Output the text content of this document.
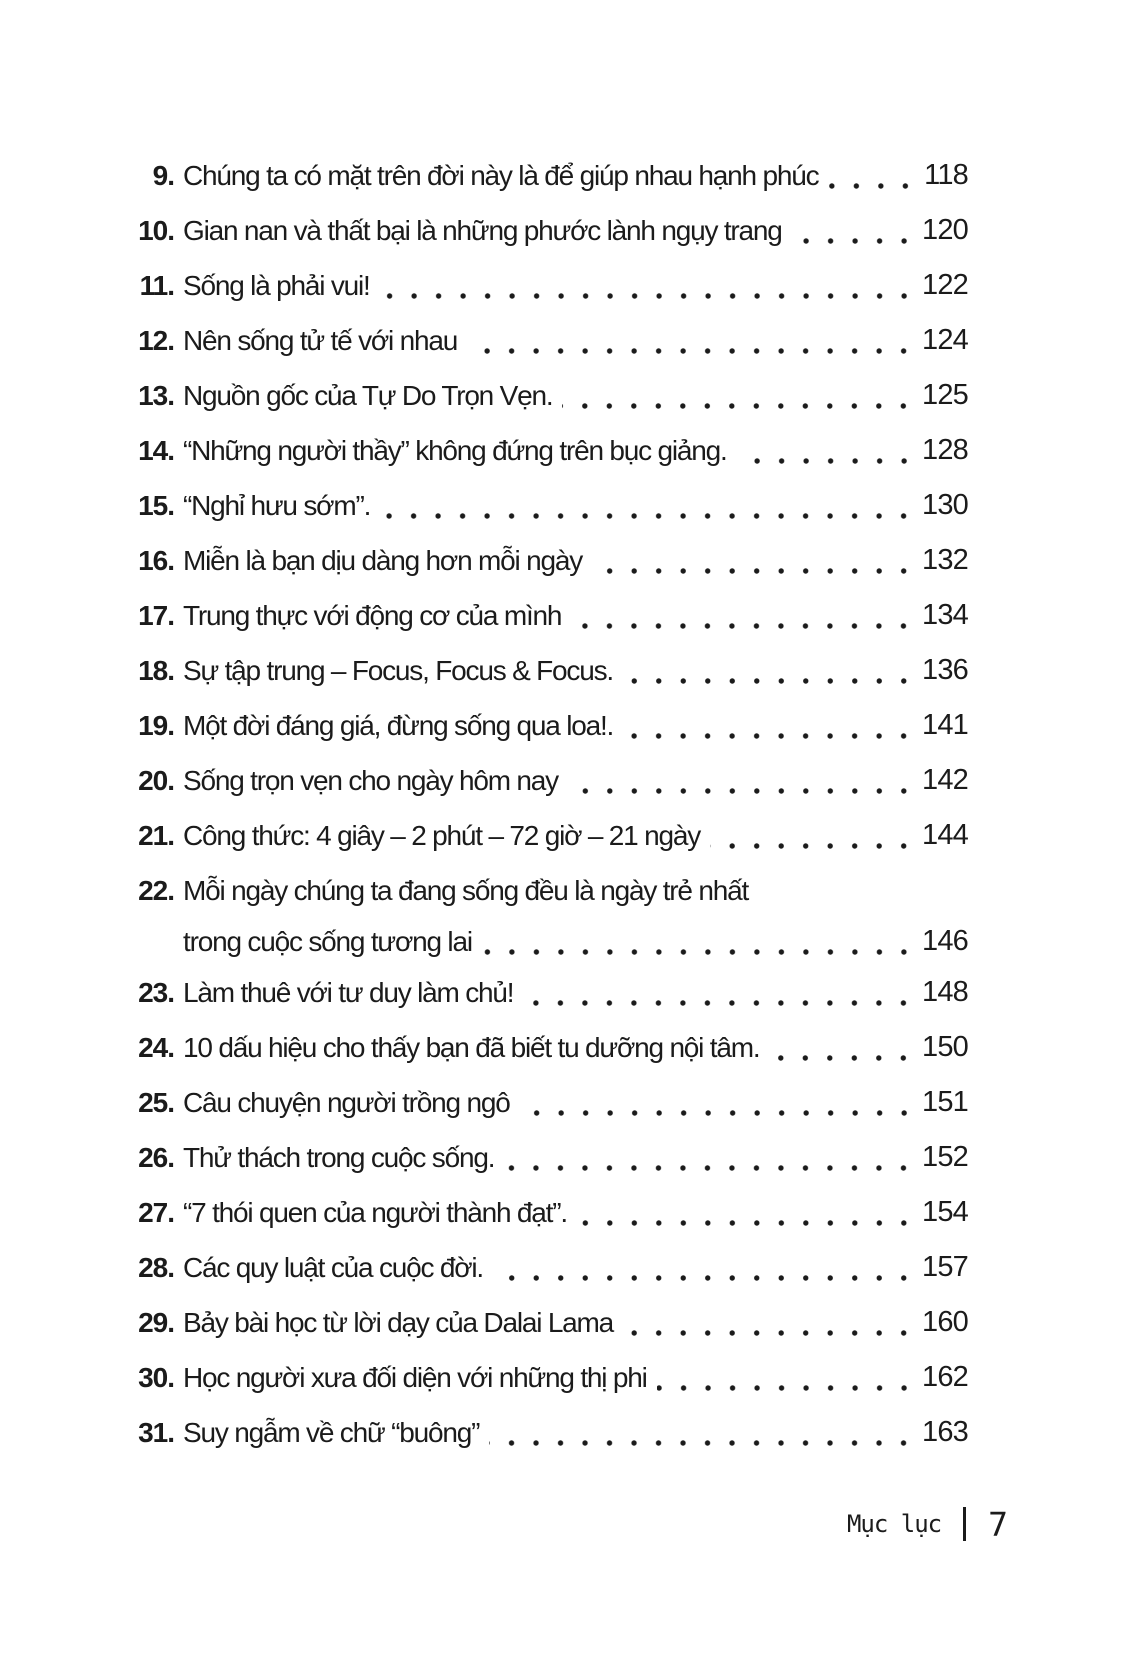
9. Chúng ta có mặt trên đời này là để giúp nhau hạnh phúc	118
10. Gian nan và thất bại là những phước lành ngụy trang	120
11. Sống là phải vui!	122
12. Nên sống tử tế với nhau	124
13. Nguồn gốc của Tự Do Trọn Vẹn.	125
14. “Những người thầy” không đứng trên bục giảng.	128
15. “Nghỉ hưu sớm”.	130
16. Miễn là bạn dịu dàng hơn mỗi ngày	132
17. Trung thực với động cơ của mình	134
18. Sự tập trung – Focus, Focus & Focus.	136
19. Một đời đáng giá, đừng sống qua loa!.	141
20. Sống trọn vẹn cho ngày hôm nay	142
21. Công thức: 4 giây – 2 phút – 72 giờ – 21 ngày	144
22. Mỗi ngày chúng ta đang sống đều là ngày trẻ nhất
trong cuộc sống tương lai	146
23. Làm thuê với tư duy làm chủ!	148
24. 10 dấu hiệu cho thấy bạn đã biết tu dưỡng nội tâm.	150
25. Câu chuyện người trồng ngô	151
26. Thử thách trong cuộc sống.	152
27. “7 thói quen của người thành đạt”.	154
28. Các quy luật của cuộc đời.	157
29. Bảy bài học từ lời dạy của Dalai Lama	160
30. Học người xưa đối diện với những thị phi	162
31. Suy ngẫm về chữ “buông”	163
Mục lục 7
